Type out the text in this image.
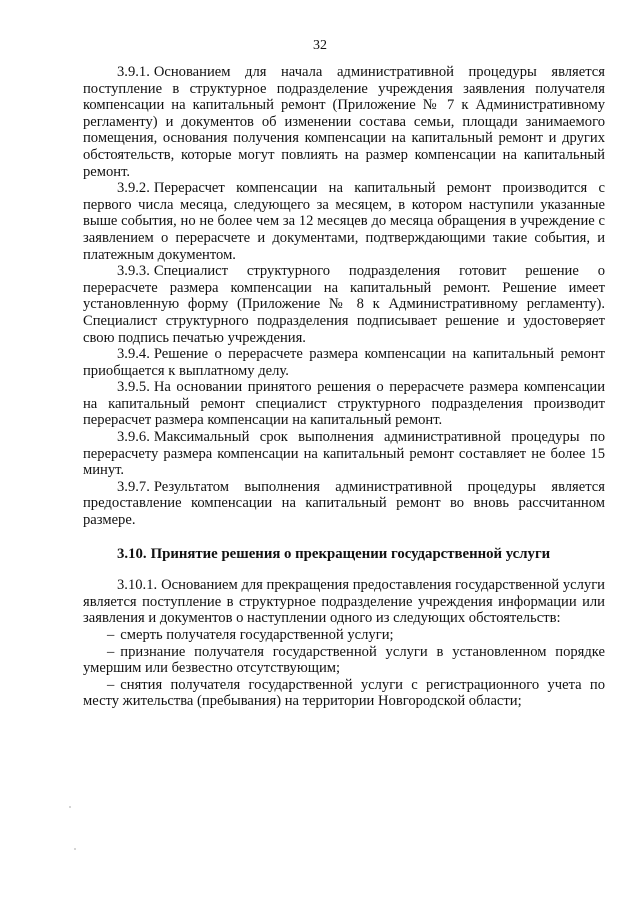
32

3.9.1. Основанием для начала административной процедуры является поступление в структурное подразделение учреждения заявления получателя компенсации на капитальный ремонт (Приложение № 7 к Административному регламенту) и документов об изменении состава семьи, площади занимаемого помещения, основания получения компенсации на капитальный ремонт и других обстоятельств, которые могут повлиять на размер компенсации на капитальный ремонт.

3.9.2. Перерасчет компенсации на капитальный ремонт производится с первого числа месяца, следующего за месяцем, в котором наступили указанные выше события, но не более чем за 12 месяцев до месяца обращения в учреждение с заявлением о перерасчете и документами, подтверждающими такие события, и платежным документом.

3.9.3. Специалист структурного подразделения готовит решение о перерасчете размера компенсации на капитальный ремонт. Решение имеет установленную форму (Приложение № 8 к Административному регламенту). Специалист структурного подразделения подписывает решение и удостоверяет свою подпись печатью учреждения.

3.9.4. Решение о перерасчете размера компенсации на капитальный ремонт приобщается к выплатному делу.

3.9.5. На основании принятого решения о перерасчете размера компенсации на капитальный ремонт специалист структурного подразделения производит перерасчет размера компенсации на капитальный ремонт.

3.9.6. Максимальный срок выполнения административной процедуры по перерасчету размера компенсации на капитальный ремонт составляет не более 15 минут.

3.9.7. Результатом выполнения административной процедуры является предоставление компенсации на капитальный ремонт во вновь рассчитанном размере.

3.10. Принятие решения о прекращении государственной услуги

3.10.1. Основанием для прекращения предоставления государственной услуги является поступление в структурное подразделение учреждения информации или заявления и документов о наступлении одного из следующих обстоятельств:

– смерть получателя государственной услуги;

– признание получателя государственной услуги в установленном порядке умершим или безвестно отсутствующим;

– снятия получателя государственной услуги с регистрационного учета по месту жительства (пребывания) на территории Новгородской области;
